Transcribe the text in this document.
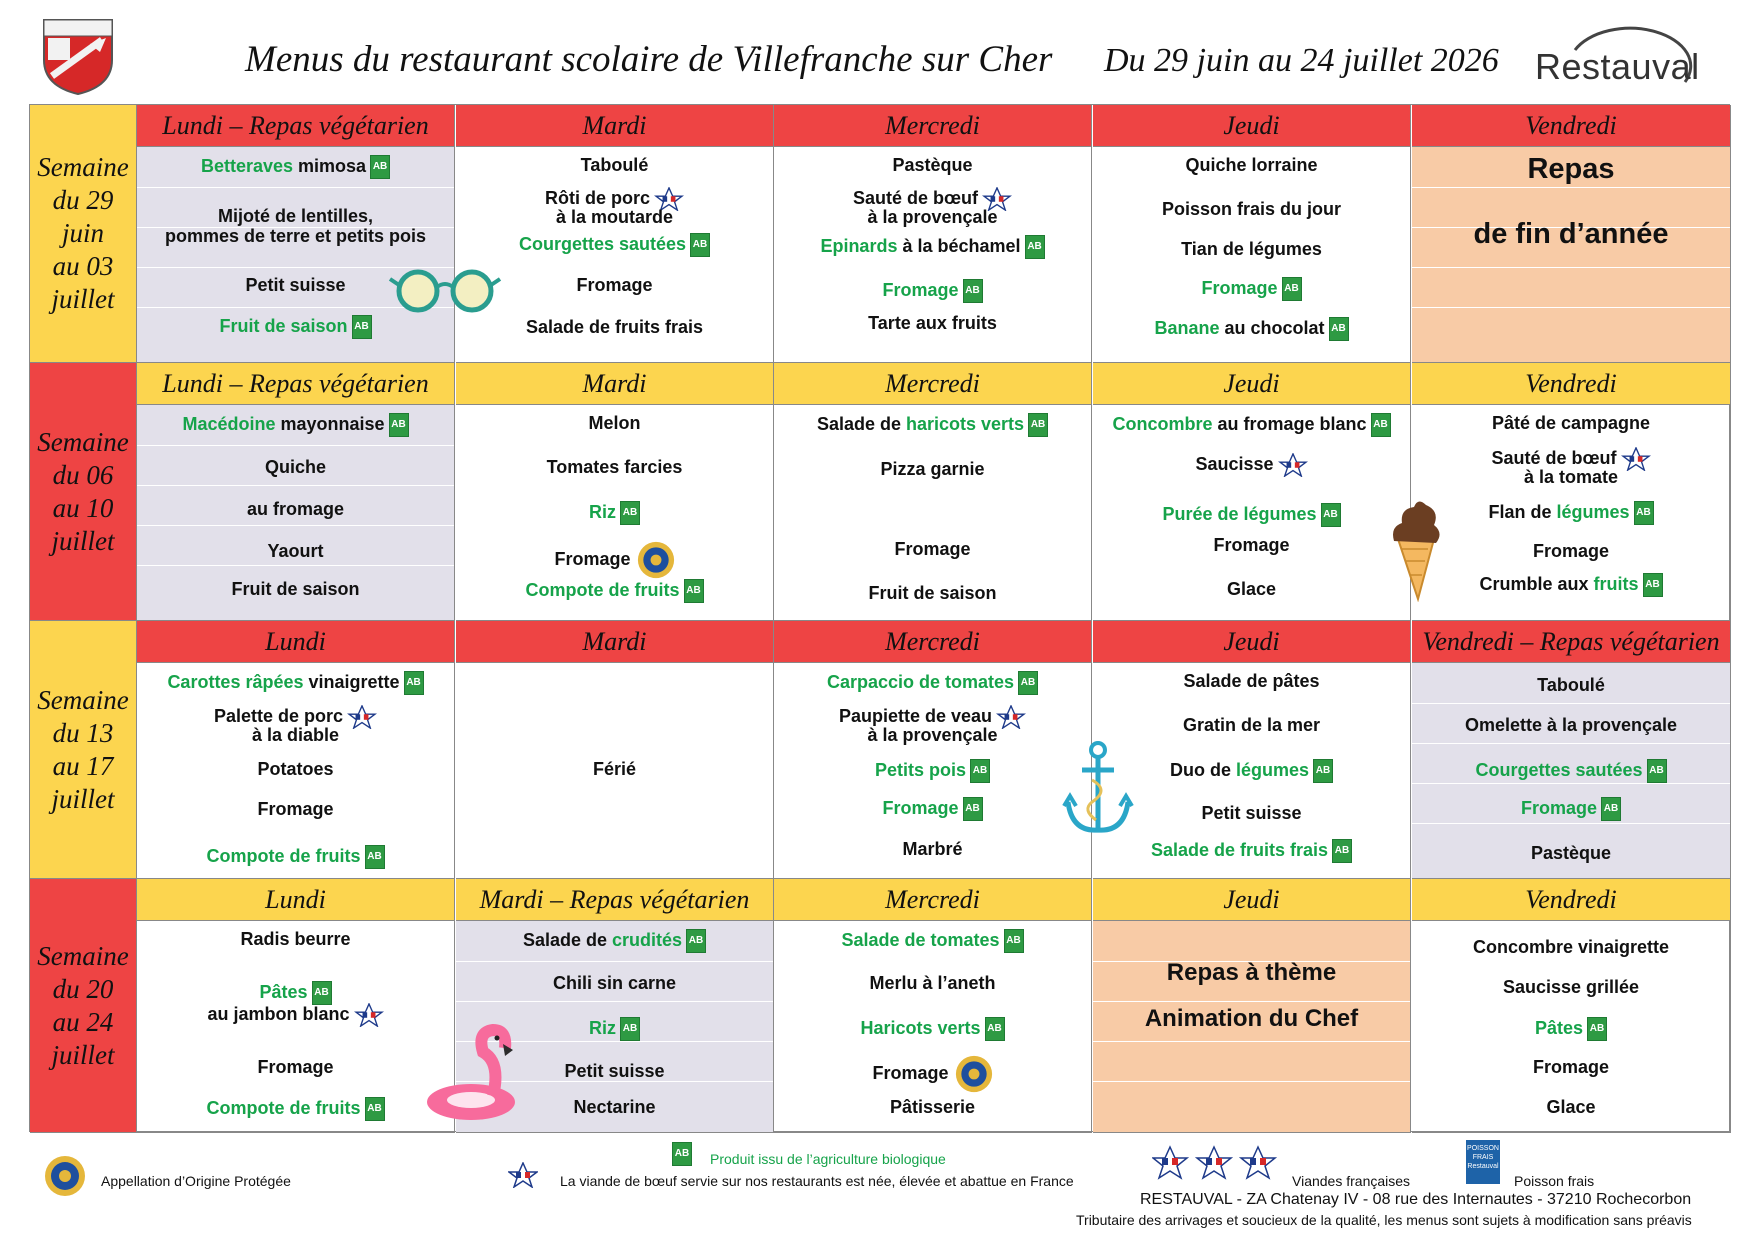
Menus du restaurant scolaire de Villefranche sur Cher Du 29 juin au 24 juillet 2026 Restauval
Semaine
du 29
juin
au 03
juillet
Lundi – Repas végétarien
Betteraves mimosa AB
Mijoté de lentilles,
pommes de terre et petits pois
Petit suisse
Fruit de saison AB
Mardi
Taboulé
Rôti de porc
à la moutarde
Courgettes sautées AB
Fromage
Salade de fruits frais
Mercredi
Pastèque
Sauté de bœuf
à la provençale
Epinards à la béchamel AB
Fromage AB
Tarte aux fruits
Jeudi
Quiche lorraine
Poisson frais du jour
Tian de légumes
Fromage AB
Banane au chocolat AB
Vendredi
Repas
de fin d’année
Semaine
du 06
au 10
juillet
Lundi – Repas végétarien
Macédoine mayonnaise AB
Quiche
au fromage
Yaourt
Fruit de saison
Mardi
Melon
Tomates farcies
Riz AB
Fromage
Compote de fruits AB
Mercredi
Salade de haricots verts AB
Pizza garnie
Fromage
Fruit de saison
Jeudi
Concombre au fromage blanc AB
Saucisse
Purée de légumes AB
Fromage
Glace
Vendredi
Pâté de campagne
Sauté de bœuf
à la tomate
Flan de légumes AB
Fromage
Crumble aux fruits AB
Semaine
du 13
au 17
juillet
Lundi
Carottes râpées vinaigrette AB
Palette de porc
à la diable
Potatoes
Fromage
Compote de fruits AB
Mardi
Férié
Mercredi
Carpaccio de tomates AB
Paupiette de veau
à la provençale
Petits pois AB
Fromage AB
Marbré
Jeudi
Salade de pâtes
Gratin de la mer
Duo de légumes AB
Petit suisse
Salade de fruits frais AB
Vendredi – Repas végétarien
Taboulé
Omelette à la provençale
Courgettes sautées AB
Fromage AB
Pastèque
Semaine
du 20
au 24
juillet
Lundi
Radis beurre
Pâtes AB
au jambon blanc
Fromage
Compote de fruits AB
Mardi – Repas végétarien
Salade de crudités AB
Chili sin carne
Riz AB
Petit suisse
Nectarine
Mercredi
Salade de tomates AB
Merlu à l’aneth
Haricots verts AB
Fromage
Pâtisserie
Jeudi
Repas à thème
Animation du Chef
Vendredi
Concombre vinaigrette
Saucisse grillée
Pâtes AB
Fromage
Glace
Appellation d’Origine Protégée
AB Produit issu de l’agriculture biologique
La viande de bœuf servie sur nos restaurants est née, élevée et abattue en France	Viandes françaises
POISSON FRAIS
Restauval
Poisson frais
RESTAUVAL - ZA Chatenay IV - 08 rue des Internautes - 37210 Rochecorbon
Tributaire des arrivages et soucieux de la qualité, les menus sont sujets à modification sans préavis
